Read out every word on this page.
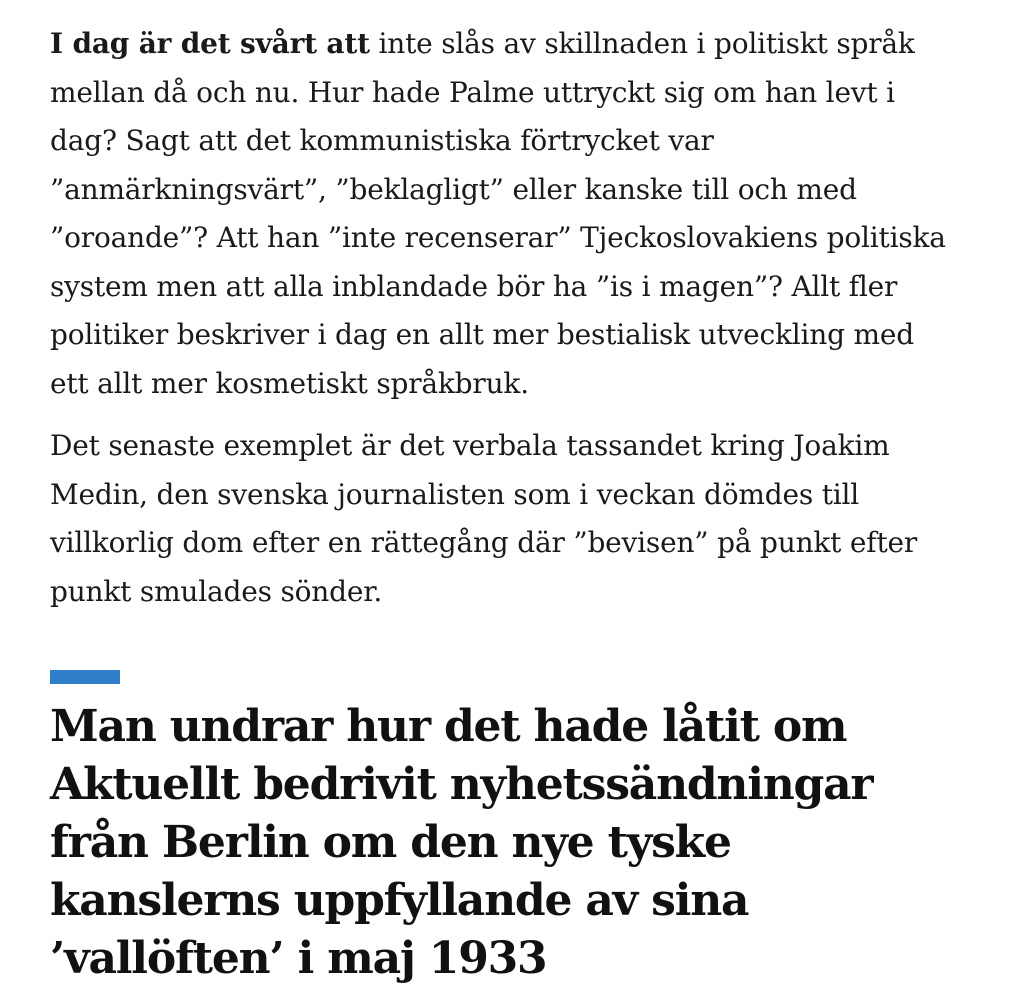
I dag är det svårt att inte slås av skillnaden i politiskt språk
mellan då och nu. Hur hade Palme uttryckt sig om han levt i
dag? Sagt att det kommunistiska förtrycket var
”anmärkningsvärt”, ”beklagligt” eller kanske till och med
”oroande”? Att han ”inte recenserar” Tjeckoslovakiens politiska
system men att alla inblandade bör ha ”is i magen”? Allt fler
politiker beskriver i dag en allt mer bestialisk utveckling med
ett allt mer kosmetiskt språkbruk.

Det senaste exemplet är det verbala tassandet kring Joakim
Medin, den svenska journalisten som i veckan dömdes till
villkorlig dom efter en rättegång där ”bevisen” på punkt efter
punkt smulades sönder.

Man undrar hur det hade låtit om
Aktuellt bedrivit nyhetssändningar
från Berlin om den nye tyske
kanslerns uppfyllande av sina
’vallöften’ i maj 1933
